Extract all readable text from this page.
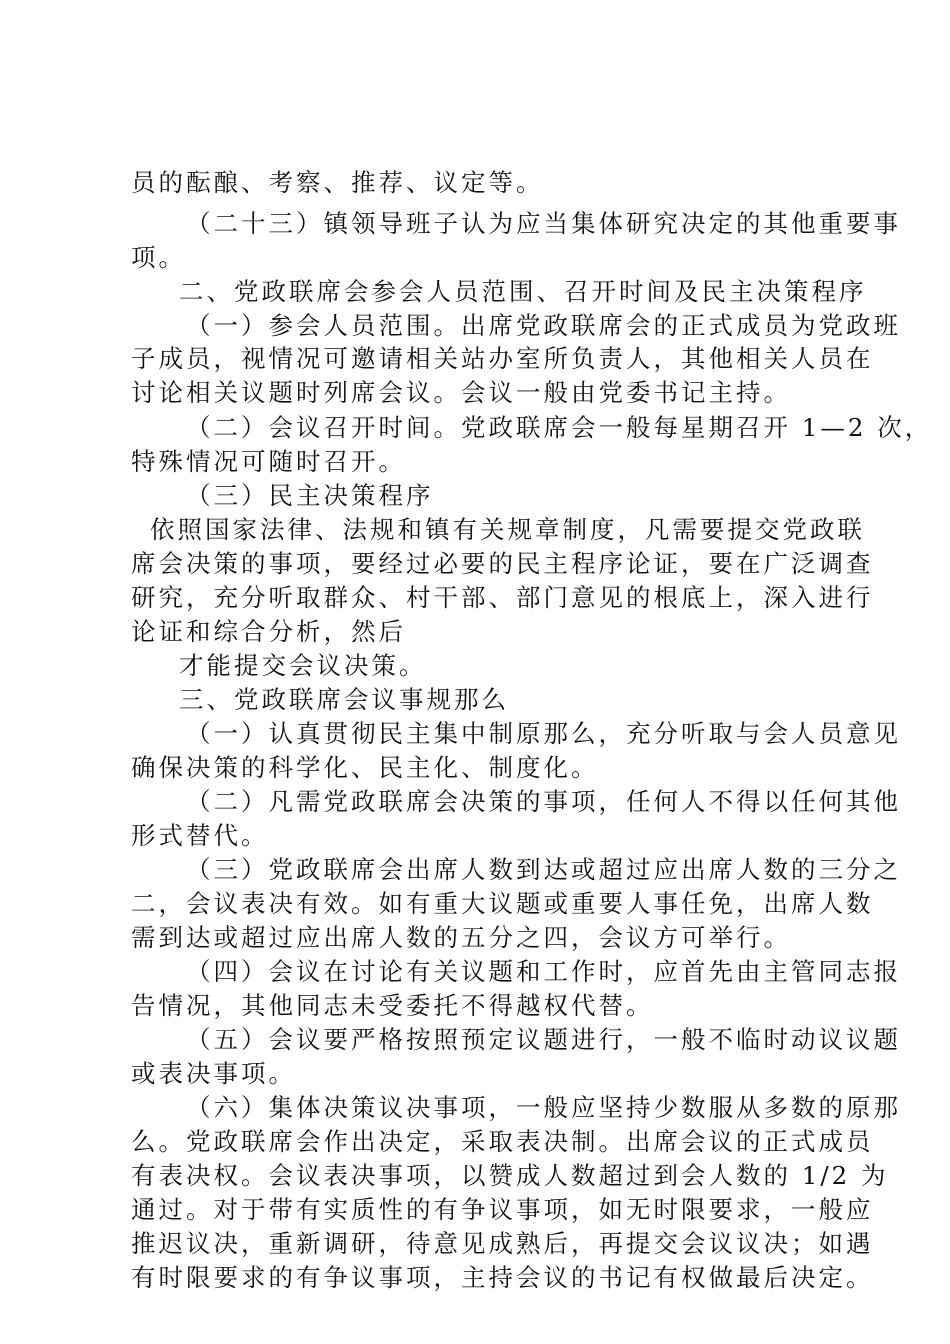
员的酝酿、考察、推荐、议定等。
（二十三）镇领导班子认为应当集体研究决定的其他重要事
项。
二、党政联席会参会人员范围、召开时间及民主决策程序
（一）参会人员范围。出席党政联席会的正式成员为党政班
子成员，视情况可邀请相关站办室所负责人，其他相关人员在
讨论相关议题时列席会议。会议一般由党委书记主持。
（二）会议召开时间。党政联席会一般每星期召开 1—2 次，
特殊情况可随时召开。
（三）民主决策程序
依照国家法律、法规和镇有关规章制度，凡需要提交党政联
席会决策的事项，要经过必要的民主程序论证，要在广泛调查
研究，充分听取群众、村干部、部门意见的根底上，深入进行
论证和综合分析，然后
才能提交会议决策。
三、党政联席会议事规那么
（一）认真贯彻民主集中制原那么，充分听取与会人员意见
确保决策的科学化、民主化、制度化。
（二）凡需党政联席会决策的事项，任何人不得以任何其他
形式替代。
（三）党政联席会出席人数到达或超过应出席人数的三分之
二，会议表决有效。如有重大议题或重要人事任免，出席人数
需到达或超过应出席人数的五分之四，会议方可举行。
（四）会议在讨论有关议题和工作时，应首先由主管同志报
告情况，其他同志未受委托不得越权代替。
（五）会议要严格按照预定议题进行，一般不临时动议议题
或表决事项。
（六）集体决策议决事项，一般应坚持少数服从多数的原那
么。党政联席会作出决定，采取表决制。出席会议的正式成员
有表决权。会议表决事项，以赞成人数超过到会人数的 1/2 为
通过。对于带有实质性的有争议事项，如无时限要求，一般应
推迟议决，重新调研，待意见成熟后，再提交会议议决；如遇
有时限要求的有争议事项，主持会议的书记有权做最后决定。
